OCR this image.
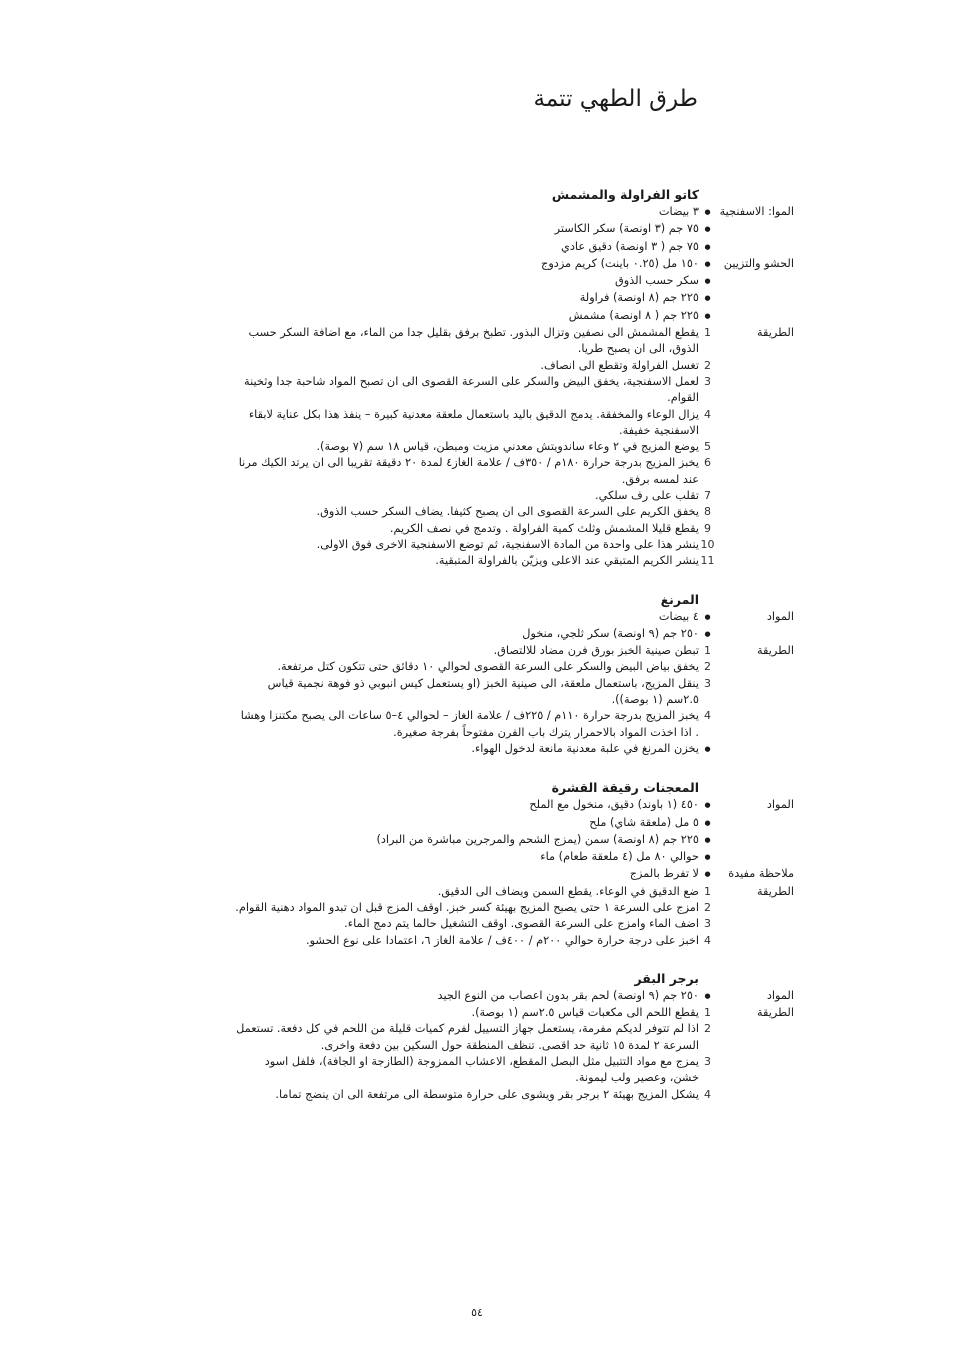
طرق الطهي تتمة
كاتو الفراولة والمشمش
الموا: الاسفنجية
●
٣ بيضات
●
٧٥ جم (٣ اونصة) سكر الكاستر
●
٧٥ جم ( ٣ اونصة) دقيق عادي
الحشو والتزيين
●
١٥٠ مل (٠.٢٥ باينت) كريم مزدوج
●
سكر حسب الذوق
●
٢٢٥ جم (٨ اونصة) فراولة
●
٢٢٥ جم ( ٨ اونصة) مشمش
الطريقة
1
يقطع المشمش الى نصفين وتزال البذور. تطبخ برفق بقليل جدا من الماء، مع اضافة السكر حسب الذوق، الى ان يصبح طريا.
2
تغسل الفراولة وتقطع الى انصاف.
3
لعمل الاسفنجية، يخفق البيض والسكر على السرعة القصوى الى ان تصبح المواد شاحبة جدا وثخينة القوام.
4
يزال الوعاء والمخفقة. يدمج الدقيق باليد باستعمال ملعقة معدنية كبيرة – ينفذ هذا بكل عناية لابقاء الاسفنجية خفيفة.
5
يوضع المزيج في ٢ وعاء ساندويتش معدني مزيت ومبطن، قياس ١٨ سم (٧ بوصة).
6
يخبز المزيج بدرجة حرارة ١٨٠م / ٣٥٠ف / علامة الغاز٤ لمدة ٢٠ دقيقة تقريبا الى ان يرتد الكيك مرنا عند لمسه برفق.
7
تقلب على رف سلكي.
8
يخفق الكريم على السرعة القصوى الى ان يصبح كثيفا. يضاف السكر حسب الذوق.
9
يقطع قليلا المشمش وثلث كمية الفراولة . وتدمج في نصف الكريم.
10
ينشر هذا على واحدة من المادة الاسفنجية، ثم توضع الاسفنجية الاخرى فوق الاولى.
11
ينشر الكريم المتبقي عند الاعلى ويزيّن بالفراولة المتبقية.
المرنغ
المواد
●
٤ بيضات
●
٢٥٠ جم (٩ اونصة) سكر ثلجي، منخول
الطريقة
1
تبطن صينية الخبز بورق فرن مضاد للالتصاق.
2
يخفق بياض البيض والسكر على السرعة القصوى لحوالي ١٠ دقائق حتى تتكون كتل مرتفعة.
3
ينقل المزيج، باستعمال ملعقة، الى صينية الخبز (او يستعمل كيس انبوبي ذو فوهة نجمية قياس ٢.٥سم (١ بوصة)).
4
يخبز المزيج بدرجة حرارة ١١٠م / ٢٢٥ف / علامة الغاز – لحوالي ٤–٥ ساعات الى يصبح مكتنزا وهشا . اذا اخذت المواد بالاحمرار يترك باب الفرن مفتوحاً بفرجة صغيرة.
●
يخزن المرنغ في علبة معدنية مانعة لدخول الهواء.
المعجنات رقيقة القشرة
المواد
●
٤٥٠ (١ باوند) دقيق، منخول مع الملح
●
٥ مل (ملعقة شاي) ملح
●
٢٢٥ جم (٨ اونصة) سمن (يمزج الشحم والمرجرين مباشرة من البراد)
●
حوالي ٨٠ مل (٤ ملعقة طعام) ماء
ملاحظة مفيدة
●
لا تفرط بالمزج
الطريقة
1
ضع الدقيق في الوعاء. يقطع السمن ويضاف الى الدقيق.
2
امزج على السرعة ١ حتى يصبح المزيج بهيئة كسر خبز. اوقف المزج قبل ان تبدو المواد دهنية القوام.
3
اضف الماء وامزج على السرعة القصوى. اوقف التشغيل حالما يتم دمج الماء.
4
اخبز على درجة حرارة حوالي ٢٠٠م / ٤٠٠ف / علامة الغاز ٦، اعتمادا على نوع الحشو.
برجر البقر
المواد
●
٢٥٠ جم (٩ اونصة) لحم بقر بدون اعصاب من النوع الجيد
الطريقة
1
يقطع اللحم الى مكعبات قياس ٢.٥سم (١ بوصة).
2
اذا لم تتوفر لديكم مفرمة، يستعمل جهاز التسييل لفرم كميات قليلة من اللحم في كل دفعة. تستعمل السرعة ٢ لمدة ١٥ ثانية حد اقصى. تنظف المنطقة حول السكين بين دفعة واخرى.
3
يمزج مع مواد التتبيل مثل البصل المقطع، الاعشاب الممزوجة (الطازجة او الجافة)، فلفل اسود خشن، وعصير ولب ليمونة.
4
يشكل المزيج بهيئة ٢ برجر بقر ويشوى على حرارة متوسطة الى مرتفعة الى ان ينضج تماما.
٥٤
